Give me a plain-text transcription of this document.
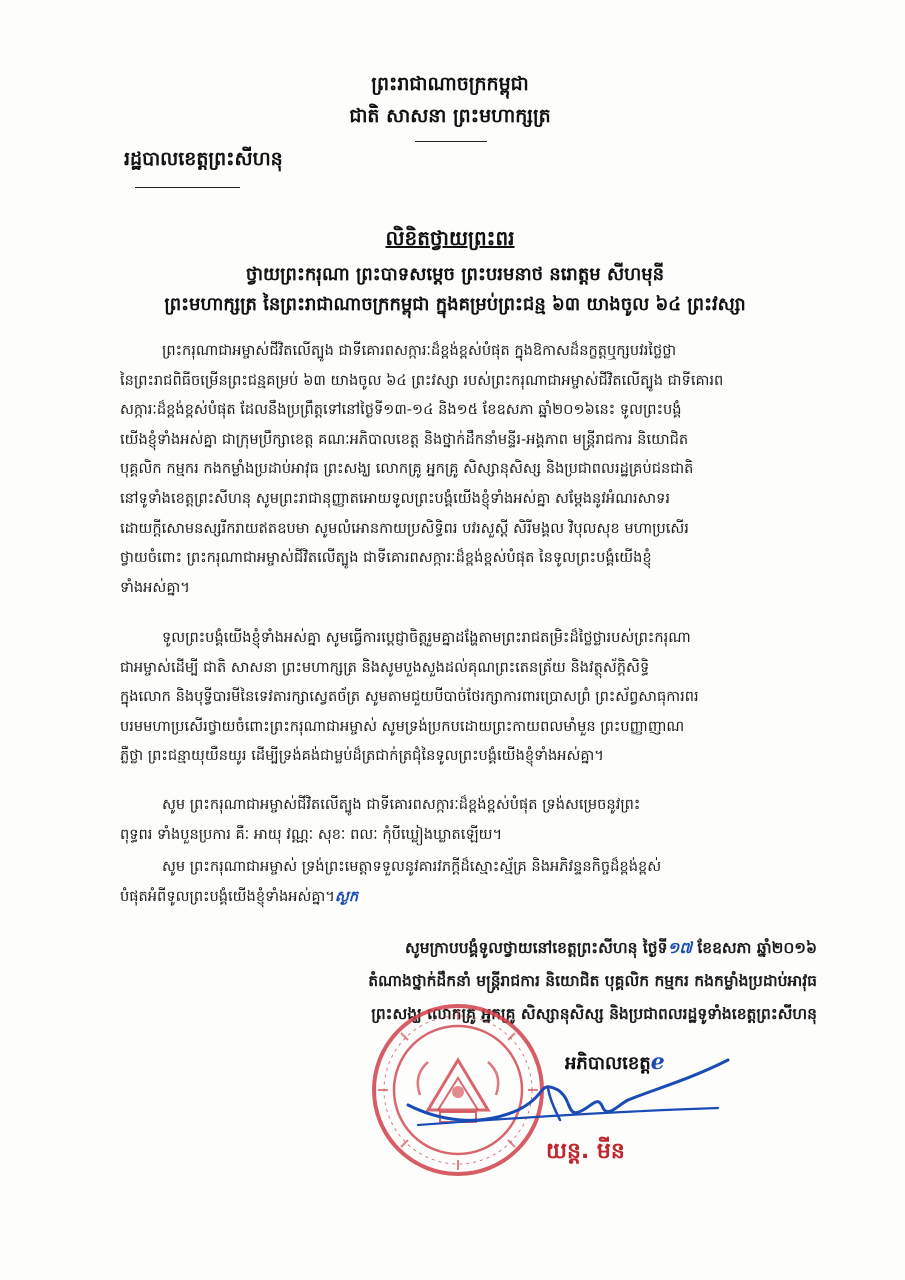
ព្រះរាជាណាចក្រកម្ពុជា
ជាតិ សាសនា ព្រះមហាក្សត្រ
រដ្ឋបាលខេត្តព្រះសីហនុ
លិខិតថ្វាយព្រះពរ
ថ្វាយព្រះករុណា ព្រះបាទសម្តេច ព្រះបរមនាថ នរោត្តម សីហមុនី
ព្រះមហាក្សត្រ នៃព្រះរាជាណាចក្រកម្ពុជា ក្នុងគម្រប់ព្រះជន្ម ៦៣ យាងចូល ៦៤ ព្រះវស្សា
ព្រះករុណាជាអម្ចាស់ជីវិតលើត្បូង ជាទីគោរពសក្ការៈដ៏ខ្ពង់ខ្ពស់បំផុត ក្នុងឱកាសដ៏នក្ខត្តឬក្សបវរថ្លៃថ្លា
នៃព្រះរាជពិធីចម្រើនព្រះជន្មគម្រប់ ៦៣ យាងចូល ៦៤ ព្រះវស្សា របស់ព្រះករុណាជាអម្ចាស់ជីវិតលើត្បូង ជាទីគោរព
សក្ការៈដ៏ខ្ពង់ខ្ពស់បំផុត ដែលនឹងប្រព្រឹត្តទៅនៅថ្ងៃទី១៣-១៤ និង១៥ ខែឧសភា ឆ្នាំ២០១៦នេះ ទូលព្រះបង្គំ
យើងខ្ញុំទាំងអស់គ្នា ជាក្រុមប្រឹក្សាខេត្ត គណៈអភិបាលខេត្ត និងថ្នាក់ដឹកនាំមន្ទីរ-អង្គភាព មន្ត្រីរាជការ និយោជិត
បុគ្គលិក កម្មករ កងកម្លាំងប្រដាប់អាវុធ ព្រះសង្ឃ លោកគ្រូ អ្នកគ្រូ សិស្សានុសិស្ស និងប្រជាពលរដ្ឋគ្រប់ជនជាតិ
នៅទូទាំងខេត្តព្រះសីហនុ សូមព្រះរាជានុញ្ញាតអោយទូលព្រះបង្គំយើងខ្ញុំទាំងអស់គ្នា សម្តែងនូវអំណរសាទរ
ដោយក្តីសោមនស្សរីករាយឥតឧបមា សូមលំអោនកាយប្រសិទ្ធិពរ បវរសួស្តី សិរីមង្គល វិបុលសុខ មហាប្រសើរ
ថ្វាយចំពោះ ព្រះករុណាជាអម្ចាស់ជីវិតលើត្បូង ជាទីគោរពសក្ការៈដ៏ខ្ពង់ខ្ពស់បំផុត នៃទូលព្រះបង្គំយើងខ្ញុំ
ទាំងអស់គ្នា។
ទូលព្រះបង្គំយើងខ្ញុំទាំងអស់គ្នា សូមធ្វើការប្តេជ្ញាចិត្តរួមគ្នាដង្ហែតាមព្រះរាជតម្រិះដ៏ថ្លៃថ្លារបស់ព្រះករុណា
ជាអម្ចាស់ដើម្បី ជាតិ សាសនា ព្រះមហាក្សត្រ និងសូមបួងសួងដល់គុណព្រះតេនត្រ័យ និងវត្ថុស័ក្តិសិទ្ធិ
ក្នុងលោក និងបុទ្វីបារមីនៃទេវតារក្សាស្វេតច័ត្រ សូមតាមជួយបីបាច់ថែរក្សាការពារប្រោសព្រំ ព្រះស័ព្វសាធុការពរ
បរមមហាប្រសើរថ្វាយចំពោះព្រះករុណាជាអម្ចាស់ សូមទ្រង់ប្រកបដោយព្រះកាយពលមាំមួន ព្រះបញ្ញាញាណ
ភ្លឺថ្លា ព្រះជន្មាយុយឺនយូរ ដើម្បីទ្រង់គង់ជាម្លប់ដ៏ត្រជាក់ត្រជុំនៃទូលព្រះបង្គំយើងខ្ញុំទាំងអស់គ្នា។
សូម ព្រះករុណាជាអម្ចាស់ជីវិតលើត្បូង ជាទីគោរពសក្ការៈដ៏ខ្ពង់ខ្ពស់បំផុត ទ្រង់សម្រេចនូវព្រះ
ពុទ្ធពរ ទាំងបួនប្រការ គឺៈ អាយុ វណ្ណៈ សុខៈ ពលៈ កុំបីឃ្លៀងឃ្លាតឡើយ។
សូម ព្រះករុណាជាអម្ចាស់ ទ្រង់ព្រះមេត្តាទទួលនូវគារវភក្តីដ៏ស្មោះស្ម័គ្រ និងអភិវន្ទនកិច្ចដ៏ខ្ពង់ខ្ពស់
បំផុតអំពីទូលព្រះបង្គំយើងខ្ញុំទាំងអស់គ្នា។ស្ងក
សូមក្រាបបង្គំទូលថ្វាយនៅខេត្តព្រះសីហនុ ថ្ងៃទី១៧ ខែឧសភា ឆ្នាំ២០១៦
តំណាងថ្នាក់ដឹកនាំ មន្ត្រីរាជការ និយោជិត បុគ្គលិក កម្មករ កងកម្លាំងប្រដាប់អាវុធ
ព្រះសង្ឃ លោកគ្រូ អ្នកគ្រូ សិស្សានុសិស្ស និងប្រជាពលរដ្ឋទូទាំងខេត្តព្រះសីហនុ
អភិបាលខេត្តℯ
យន្ត. មីន
